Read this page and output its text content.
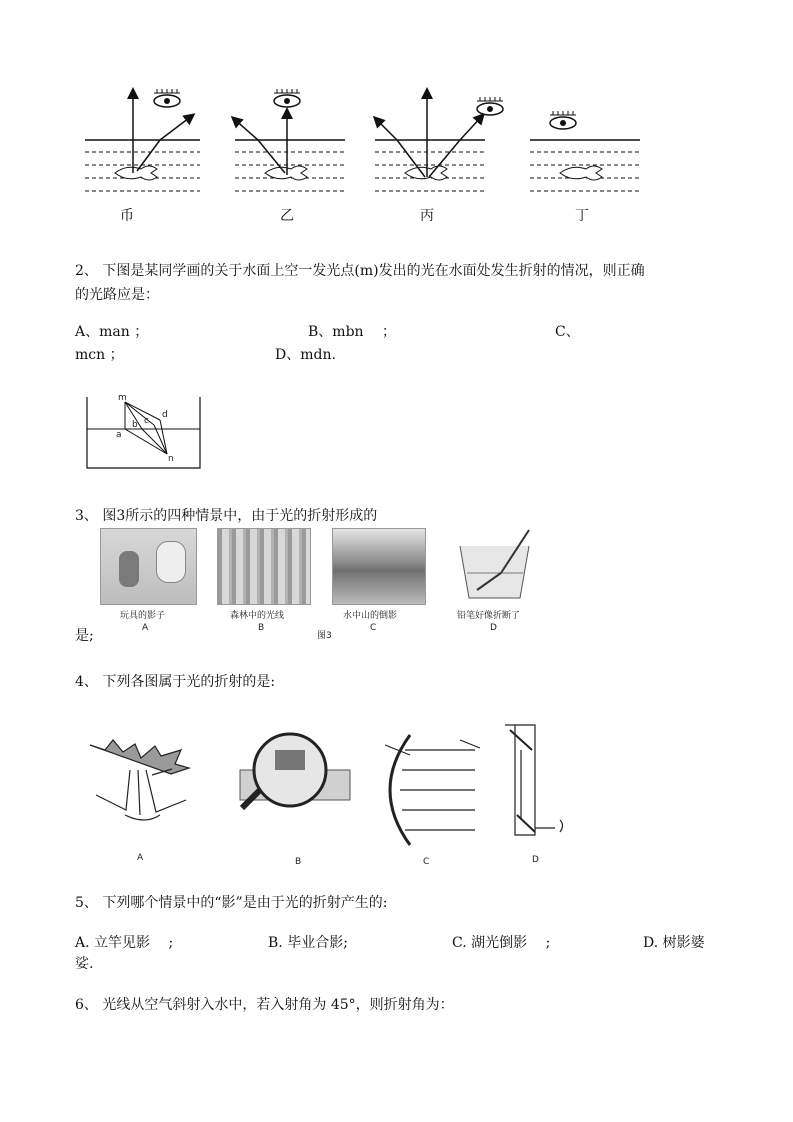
币	乙	丙	丁
2、 下图是某同学画的关于水面上空一发光点(m)发出的光在水面处发生折射的情况，则正确
的光路应是：
A、man ；	B、mbn 　；	C、
mcn ；	D、mdn.
m
a
b c
d
n
3、 图3所示的四种情景中，由于光的折射形成的
玩具的影子
A
森林中的光线
B
水中山的倒影
C
图3
铅笔好像折断了
D
是;
4、 下列各图属于光的折射的是:
A	B	C	D
5、 下列哪个情景中的“影”是由于光的折射产生的:
A. 立竿见影 　;	B. 毕业合影;	C. 湖光倒影 　;	D. 树影婆
娑.
6、 光线从空气斜射入水中，若入射角为 45°，则折射角为：
